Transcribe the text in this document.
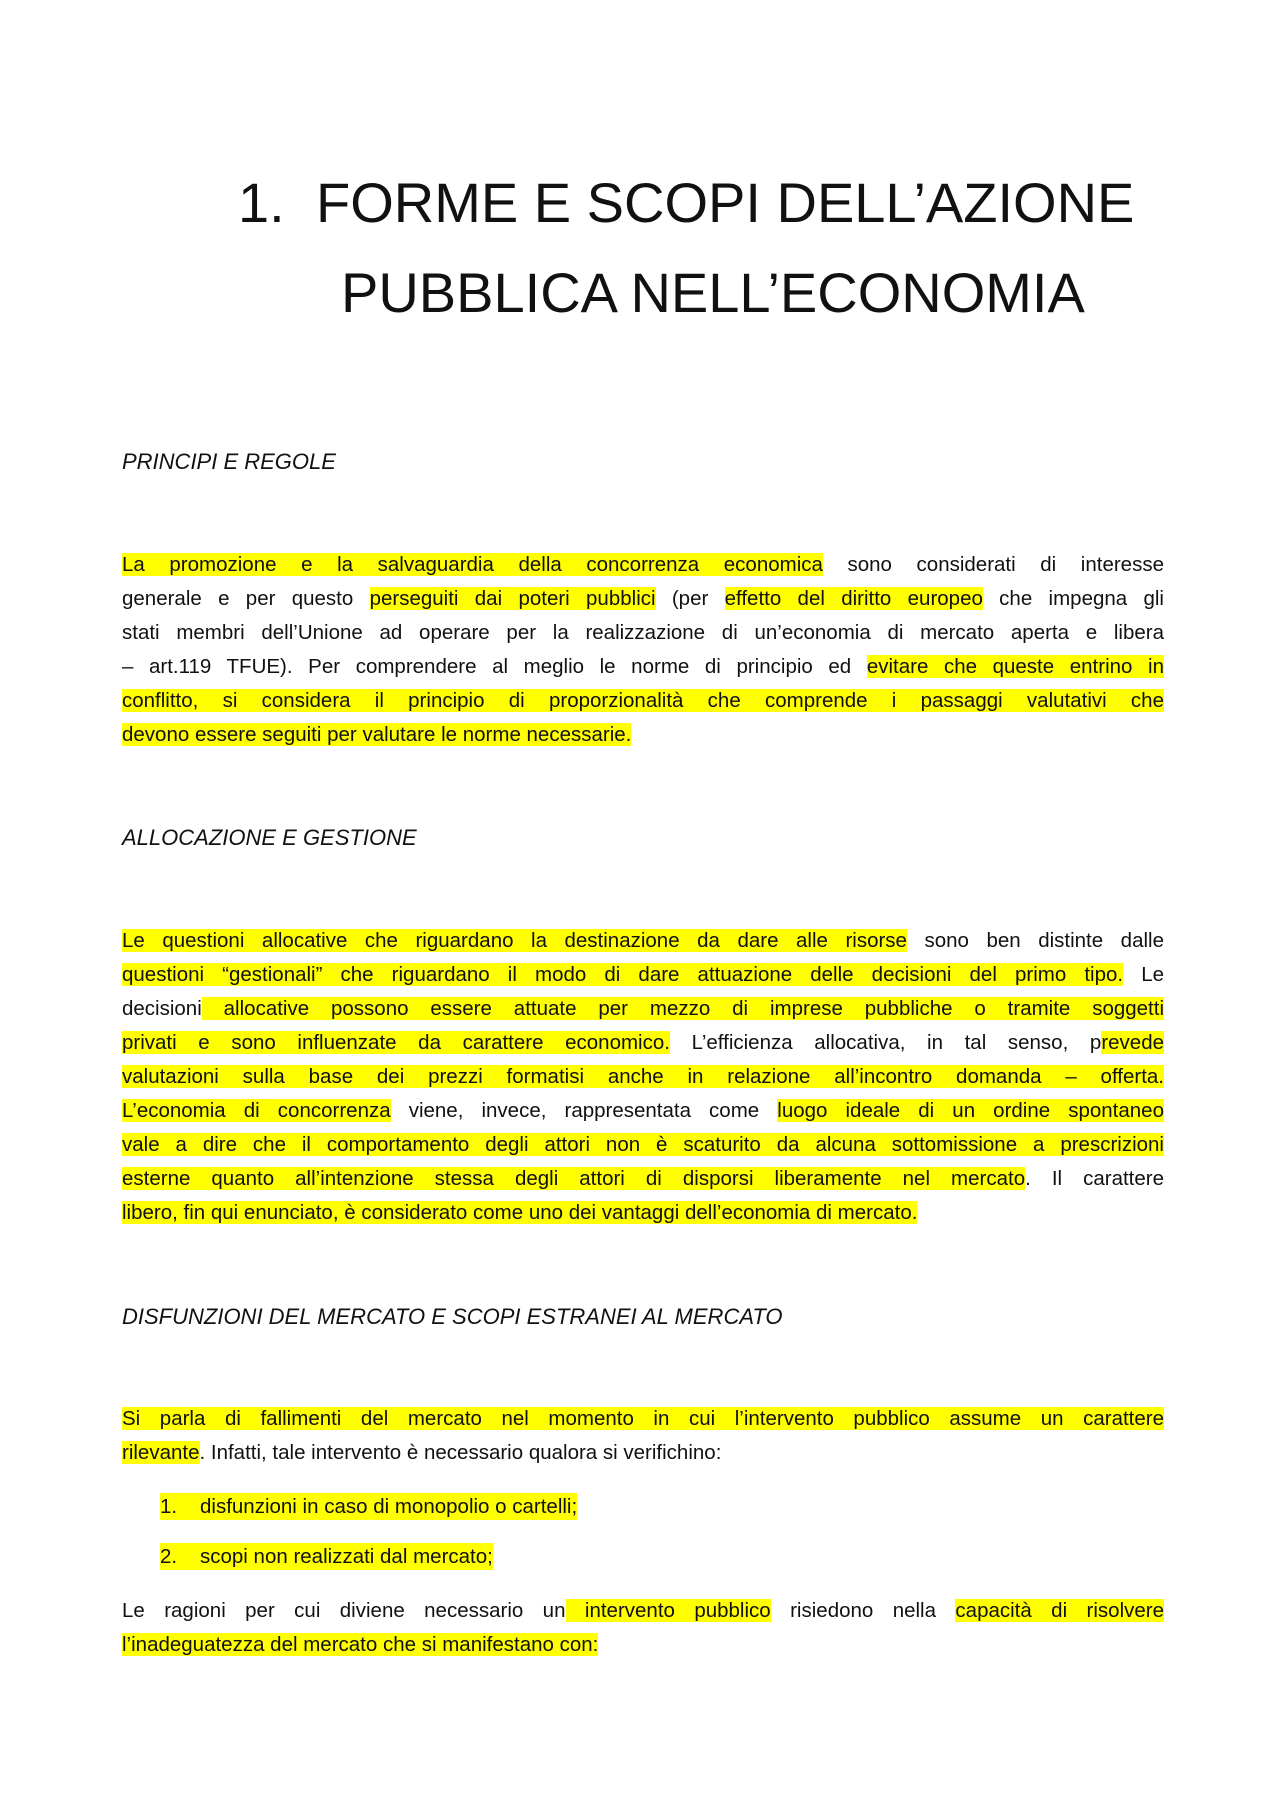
1. FORME E SCOPI DELL’AZIONE
PUBBLICA NELL’ECONOMIA
PRINCIPI E REGOLE
La promozione e la salvaguardia della concorrenza economica sono considerati di interesse
generale e per questo perseguiti dai poteri pubblici (per effetto del diritto europeo che impegna gli
stati membri dell’Unione ad operare per la realizzazione di un’economia di mercato aperta e libera
– art.119 TFUE). Per comprendere al meglio le norme di principio ed evitare che queste entrino in
conflitto, si considera il principio di proporzionalità che comprende i passaggi valutativi che
devono essere seguiti per valutare le norme necessarie.
ALLOCAZIONE E GESTIONE
Le questioni allocative che riguardano la destinazione da dare alle risorse sono ben distinte dalle
questioni “gestionali” che riguardano il modo di dare attuazione delle decisioni del primo tipo. Le
decisioni allocative possono essere attuate per mezzo di imprese pubbliche o tramite soggetti
privati e sono influenzate da carattere economico. L’efficienza allocativa, in tal senso, prevede
valutazioni sulla base dei prezzi formatisi anche in relazione all’incontro domanda – offerta.
L’economia di concorrenza viene, invece, rappresentata come luogo ideale di un ordine spontaneo
vale a dire che il comportamento degli attori non è scaturito da alcuna sottomissione a prescrizioni
esterne quanto all’intenzione stessa degli attori di disporsi liberamente nel mercato. Il carattere
libero, fin qui enunciato, è considerato come uno dei vantaggi dell’economia di mercato.
DISFUNZIONI DEL MERCATO E SCOPI ESTRANEI AL MERCATO
Si parla di fallimenti del mercato nel momento in cui l’intervento pubblico assume un carattere
rilevante. Infatti, tale intervento è necessario qualora si verifichino:
1. disfunzioni in caso di monopolio o cartelli;
2. scopi non realizzati dal mercato;
Le ragioni per cui diviene necessario un intervento pubblico risiedono nella capacità di risolvere
l’inadeguatezza del mercato che si manifestano con:
